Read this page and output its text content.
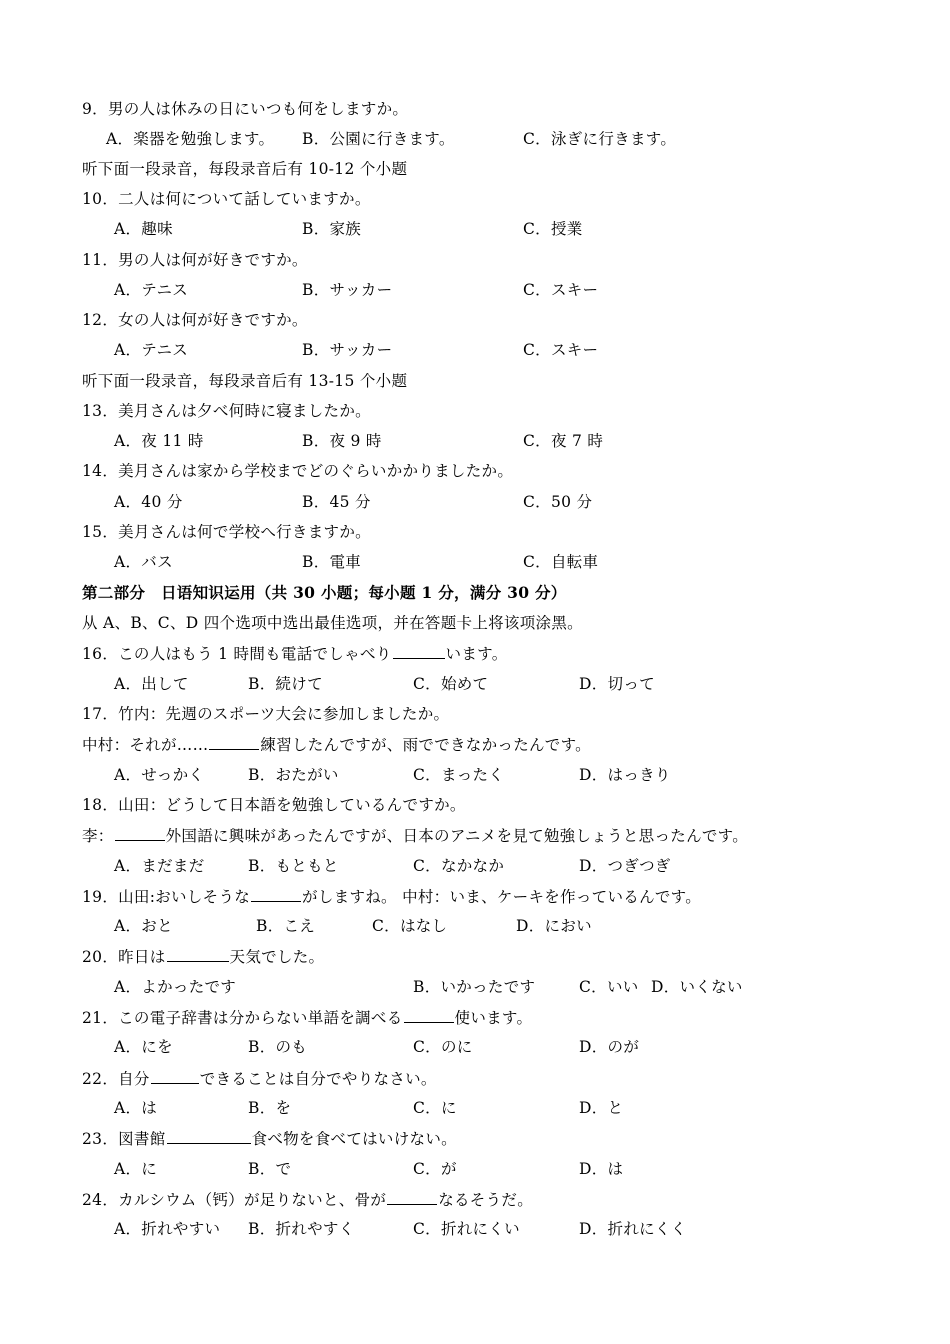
9．男の人は休みの日にいつも何をしますか。
A．楽器を勉強します。 B．公園に行きます。	C．泳ぎに行きます。
听下面一段录音，每段录音后有 10-12 个小题
10．二人は何について話していますか。
A．趣味	B．家族	C．授業
11．男の人は何が好きですか。
A．テニス	B．サッカー	C．スキー
12．女の人は何が好きですか。
A．テニス	B．サッカー	C．スキー
听下面一段录音，每段录音后有 13-15 个小题
13．美月さんは夕べ何時に寝ましたか。
A．夜 11 時	B．夜 9 時	C．夜 7 時
14．美月さんは家から学校までどのぐらいかかりましたか。
A．40 分	B．45 分	C．50 分
15．美月さんは何で学校へ行きますか。
A．バス	B．電車	C．自転車
第二部分　日语知识运用（共 30 小题；每小题 1 分，满分 30 分）
从 A、B、C、D 四个选项中选出最佳选项，并在答题卡上将该项涂黑。
16．この人はもう 1 時間も電話でしゃべり	います。
A．出して	B．続けて	C．始めて	D．切って
17．竹内：先週のスポーツ大会に参加しましたか。
中村：それが……	練習したんですが、雨でできなかったんです。
A．せっかく	B．おたがい	C．まったく	D．はっきり
18．山田：どうして日本語を勉強しているんですか。
李：	外国語に興味があったんですが、日本のアニメを見て勉強しょうと思ったんです。
A．まだまだ	B．もともと	C．なかなか	D．つぎつぎ
19．山田:おいしそうな	がしますね。 中村：いま、ケーキを作っているんです。
A．おと	B．こえ	C．はなし	D．におい
20．昨日は	天気でした。
A．よかったです	B．いかったです	C．いい D．いくない
21．この電子辞書は分からない単語を調べる	使います。
A．にを	B．のも	C．のに	D．のが
22．自分	できることは自分でやりなさい。
A．は	B．を	C．に	D．と
23．図書館	食べ物を食べてはいけない。
A．に	B．で	C．が	D．は
24．カルシウム（钙）が足りないと、骨が	なるそうだ。
A．折れやすい B．折れやすく	C．折れにくい	D．折れにくく
